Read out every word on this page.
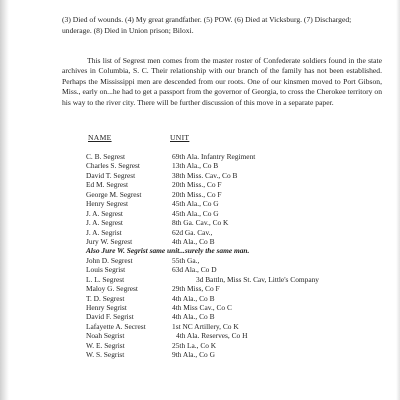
(3) Died of wounds. (4) My great grandfather. (5) POW. (6) Died at Vicksburg. (7) Discharged; underage. (8) Died in Union prison; Biloxi.

This list of Segrest men comes from the master roster of Confederate soldiers found in the state archives in Columbia, S. C. Their relationship with our branch of the family has not been established. Perhaps the Mississippi men are descended from our roots. One of our kinsmen moved to Port Gibson, Miss., early on...he had to get a passport from the governor of Georgia, to cross the Cherokee territory on his way to the river city. There will be further discussion of this move in a separate paper.

NAME	UNIT
C. B. Segrest	69th Ala. Infantry Regiment
Charles S. Segrest	13th Ala., Co B
David T. Segrest	38th Miss. Cav., Co B
Ed M. Segrest	20th Miss., Co F
George M. Segrest	20th Miss., Co F
Henry Segrest	45th Ala., Co G
J. A. Segrest	45th Ala., Co G
J. A. Segrest	8th Ga. Cav., Co K
J. A. Segrist	62d Ga. Cav.,
Jury W. Segrest	4th Ala., Co B
Also Jure W. Segrist same unit...surely the same man.
John D. Segrest	55th Ga.,
Louis Segrist	63d Ala., Co D
L. L. Segrest	3d Battln, Miss St. Cav, Little's Company
Maloy G. Segrest	29th Miss, Co F
T. D. Segrest	4th Ala., Co B
Henry Segrist	4th Miss Cav., Co C
David F. Segrist	4th Ala., Co B
Lafayette A. Secrest	1st NC Artillery, Co K
Noah Segrist	4th Ala. Reserves, Co H
W. E. Segrist	25th La., Co K
W. S. Segrist	9th Ala., Co G
